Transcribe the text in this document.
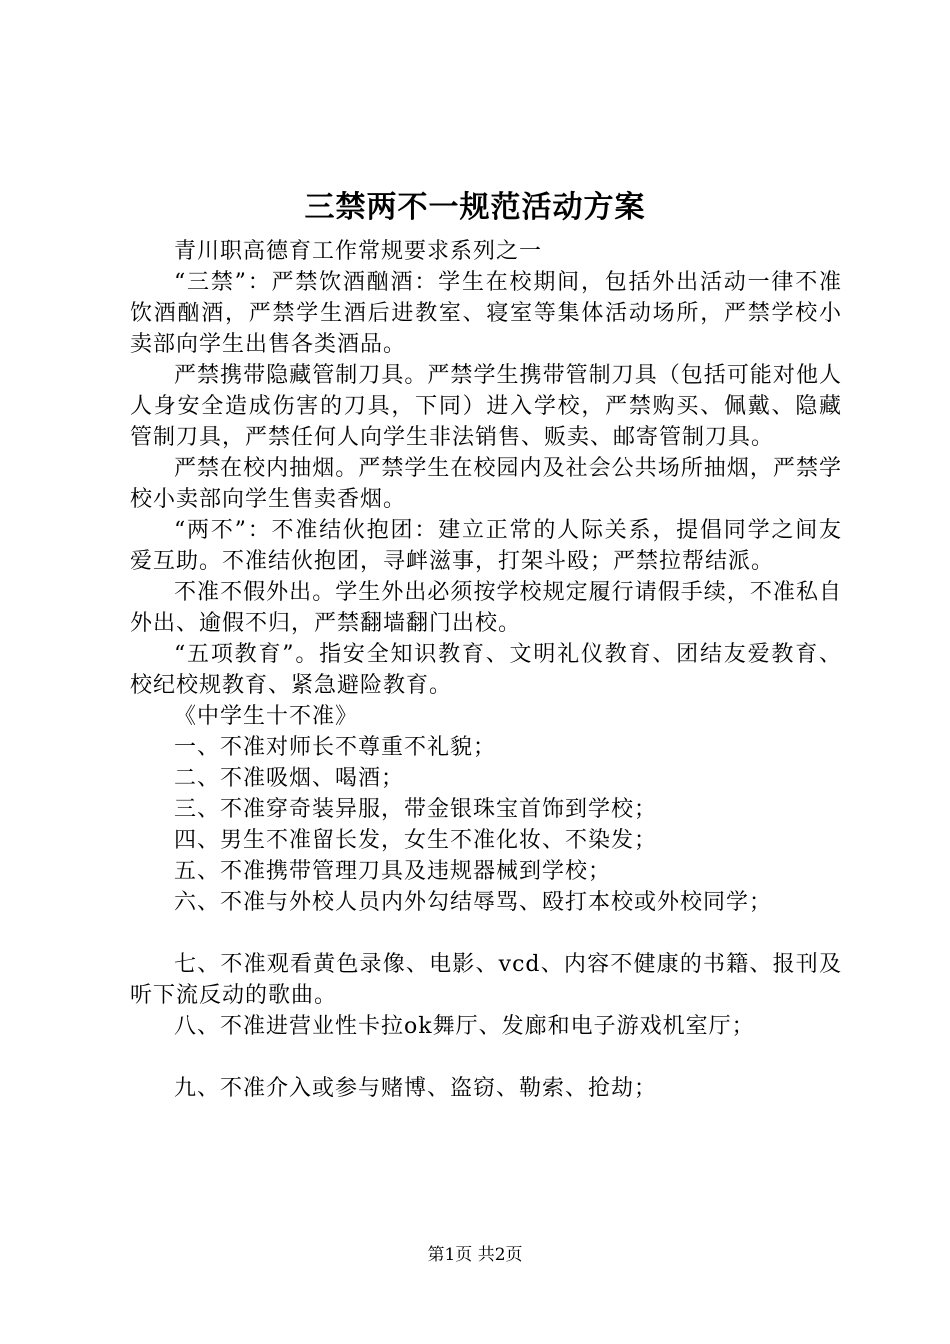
三禁两不一规范活动方案

青川职高德育工作常规要求系列之一

“三禁”：严禁饮酒酗酒：学生在校期间，包括外出活动一律不准饮酒酗酒，严禁学生酒后进教室、寝室等集体活动场所，严禁学校小卖部向学生出售各类酒品。

严禁携带隐藏管制刀具。严禁学生携带管制刀具（包括可能对他人人身安全造成伤害的刀具，下同）进入学校，严禁购买、佩戴、隐藏管制刀具，严禁任何人向学生非法销售、贩卖、邮寄管制刀具。

严禁在校内抽烟。严禁学生在校园内及社会公共场所抽烟，严禁学校小卖部向学生售卖香烟。

“两不”：不准结伙抱团：建立正常的人际关系，提倡同学之间友爱互助。不准结伙抱团，寻衅滋事，打架斗殴；严禁拉帮结派。

不准不假外出。学生外出必须按学校规定履行请假手续，不准私自外出、逾假不归，严禁翻墙翻门出校。

“五项教育”。指安全知识教育、文明礼仪教育、团结友爱教育、校纪校规教育、紧急避险教育。

《中学生十不准》

一、不准对师长不尊重不礼貌；

二、不准吸烟、喝酒；

三、不准穿奇装异服，带金银珠宝首饰到学校；

四、男生不准留长发，女生不准化妆、不染发；

五、不准携带管理刀具及违规器械到学校；

六、不准与外校人员内外勾结辱骂、殴打本校或外校同学；

七、不准观看黄色录像、电影、vcd、内容不健康的书籍、报刊及听下流反动的歌曲。

八、不准进营业性卡拉ok舞厅、发廊和电子游戏机室厅；

九、不准介入或参与赌博、盗窃、勒索、抢劫；

第1页 共2页
